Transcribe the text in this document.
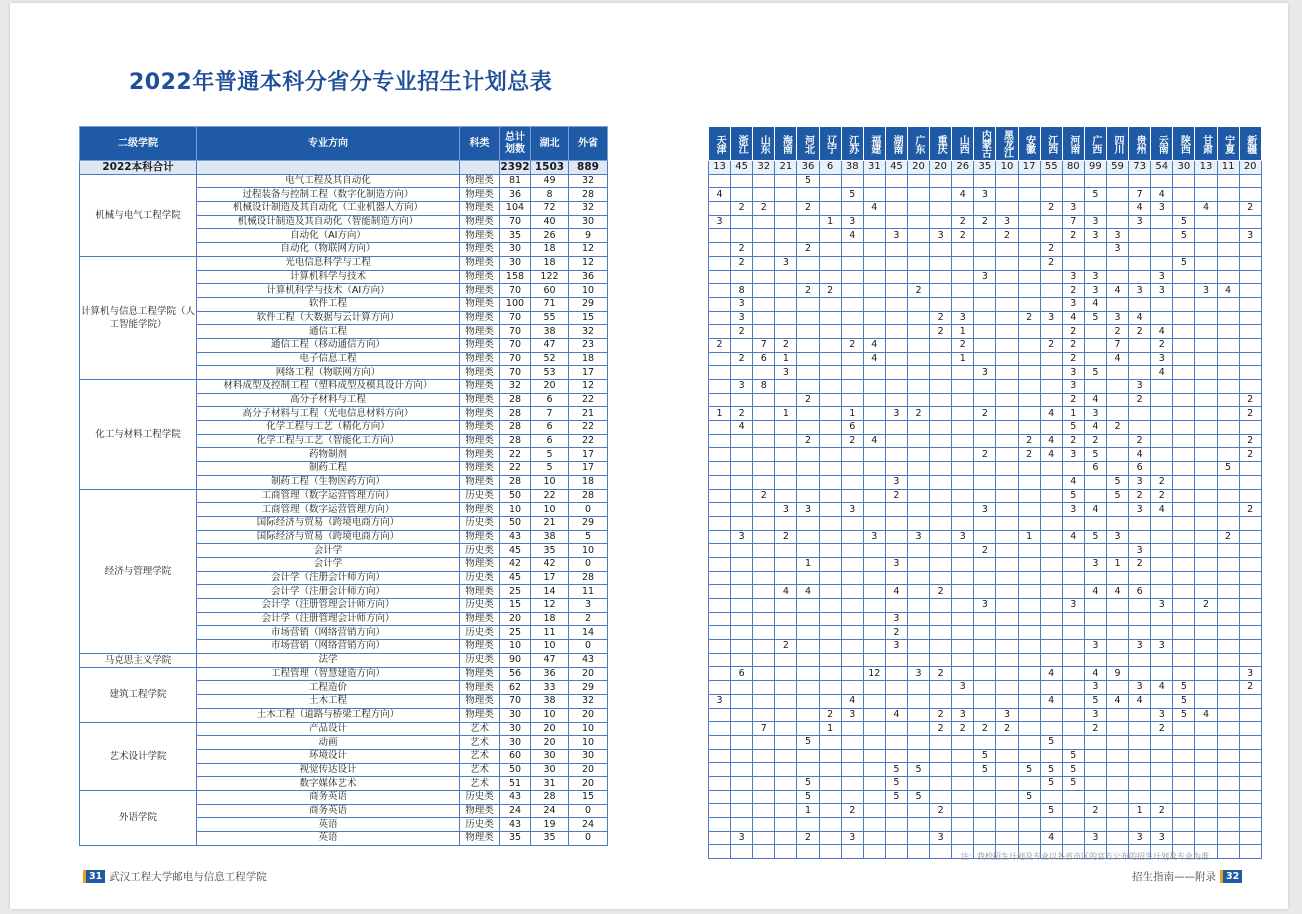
2022年普通本科分省分专业招生计划总表
二级学院	专业方向	科类	总计划数	湖北	外省
2022本科合计			2392	1503	889
机械与电气工程学院	电气工程及其自动化	物理类	81	49	32
	过程装备与控制工程（数字化制造方向）	物理类	36	8	28
	机械设计制造及其自动化（工业机器人方向）	物理类	104	72	32
	机械设计制造及其自动化（智能制造方向）	物理类	70	40	30
	自动化（AI方向）	物理类	35	26	9
	自动化（物联网方向）	物理类	30	18	12
计算机与信息工程学院（人工智能学院）	光电信息科学与工程	物理类	30	18	12
	计算机科学与技术	物理类	158	122	36
	计算机科学与技术（AI方向）	物理类	70	60	10
	软件工程	物理类	100	71	29
	软件工程（大数据与云计算方向）	物理类	70	55	15
	通信工程	物理类	70	38	32
	通信工程（移动通信方向）	物理类	70	47	23
	电子信息工程	物理类	70	52	18
	网络工程（物联网方向）	物理类	70	53	17
化工与材料工程学院	材料成型及控制工程（塑料成型及模具设计方向）	物理类	32	20	12
	高分子材料与工程	物理类	28	6	22
	高分子材料与工程（光电信息材料方向）	物理类	28	7	21
	化学工程与工艺（精化方向）	物理类	28	6	22
	化学工程与工艺（智能化工方向）	物理类	28	6	22
	药物制剂	物理类	22	5	17
	制药工程	物理类	22	5	17
	制药工程（生物医药方向）	物理类	28	10	18
经济与管理学院	工商管理（数字运营管理方向）	历史类	50	22	28
	工商管理（数字运营管理方向）	物理类	10	10	0
	国际经济与贸易（跨境电商方向）	历史类	50	21	29
	国际经济与贸易（跨境电商方向）	物理类	43	38	5
	会计学	历史类	45	35	10
	会计学	物理类	42	42	0
	会计学（注册会计师方向）	历史类	45	17	28
	会计学（注册会计师方向）	物理类	25	14	11
	会计学（注册管理会计师方向）	历史类	15	12	3
	会计学（注册管理会计师方向）	物理类	20	18	2
	市场营销（网络营销方向）	历史类	25	11	14
	市场营销（网络营销方向）	物理类	10	10	0
马克思主义学院	法学	历史类	90	47	43
建筑工程学院	工程管理（智慧建造方向）	物理类	56	36	20
	工程造价	物理类	62	33	29
	土木工程	物理类	70	38	32
	土木工程（道路与桥梁工程方向）	物理类	30	10	20
艺术设计学院	产品设计	艺术	30	20	10
	动画	艺术	30	20	10
	环境设计	艺术	60	30	30
	视觉传达设计	艺术	50	30	20
	数字媒体艺术	艺术	51	31	20
外语学院	商务英语	历史类	43	28	15
	商务英语	物理类	24	24	0
	英语	历史类	43	19	24
	英语	物理类	35	35	0
天津	浙江	山东	海南	河北	辽宁	江苏	福建	湖南	广东	重庆	山西	内蒙古	黑龙江	安徽	江西	河南	广西	四川	贵州	云南	陕西	甘肃	宁夏	新疆
13	45	32	21	36	6	38	31	45	20	20	26	35	10	17	55	80	99	59	73	54	30	13	11	20
				5																				
4						5					4	3					5		7	4				
	2	2		2			4								2	3			4	3		4		2
3					1	3					2	2	3			7	3		3		5			
						4		3		3	2		2			2	3	3			5			3
	2			2											2			3						
	2		3												2						5			
												3				3	3			3				
	8			2	2				2							2	3	4	3	3		3	4	
	3															3	4							
	3									2	3			2	3	4	5	3	4					
	2									2	1					2		2	2	4				
2		7	2			2	4				2				2	2		7		2				
	2	6	1				4				1					2		4		3				
			3									3				3	5			4				
	3	8														3			3					
				2												2	4		2					2
1	2		1			1		3	2			2			4	1	3							2
	4					6										5	4	2						
				2		2	4							2	4	2	2		2					2
												2		2	4	3	5		4					2
																	6		6				5	
								3								4		5	3	2				
		2						2								5		5	2	2				
			3	3		3						3				3	4		3	4				2

	3		2				3		3		3			1		4	5	3					2	
												2							3					
				1				3									3	1	2					

			4	4				4		2							4	4	6					
												3				3				3		2		
								3																
								2																
			2					3									3		3	3				

	6						12		3	2					4		4	9						3
											3						3		3	4	5			2
3						4									4		5	4	4		5			
					2	3		4		2	3		3				3			3	5	4		
		7			1					2	2	2	2				2			2				
				5											5									
												5				5								
								5	5			5		5	5	5								
				5				5							5	5								
				5				5	5					5										
				1		2				2					5		2		1	2				

	3			2		3				3					4		3		3	3				

注：我校招生计划及专业以各省市区的官方公布的招生计划及专业为准
31 武汉工程大学邮电与信息工程学院	招生指南——附录	32
